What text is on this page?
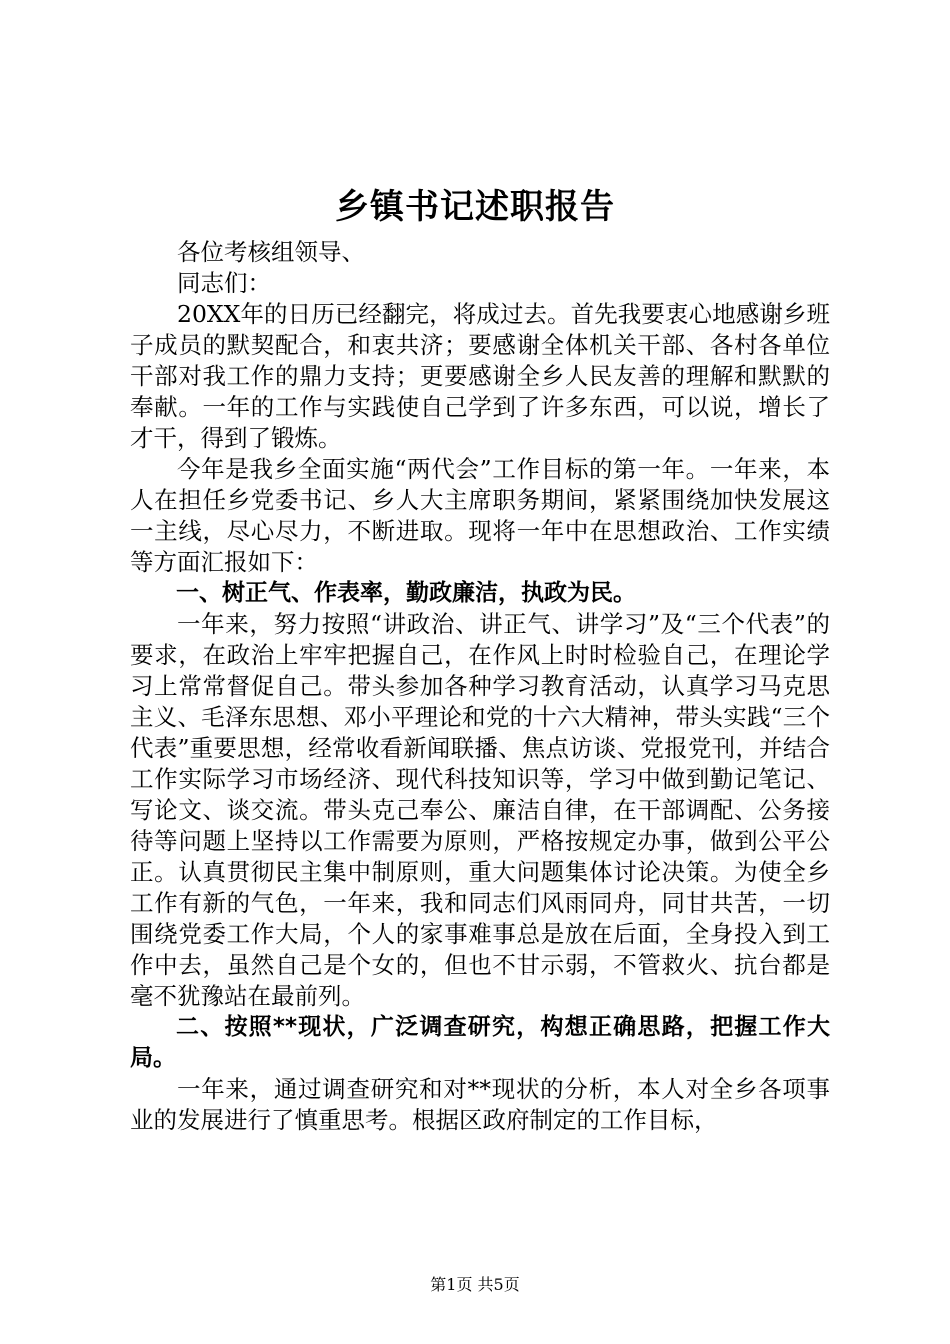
乡镇书记述职报告

各位考核组领导、

同志们：

20XX年的日历已经翻完，将成过去。首先我要衷心地感谢乡班子成员的默契配合，和衷共济；要感谢全体机关干部、各村各单位干部对我工作的鼎力支持；更要感谢全乡人民友善的理解和默默的奉献。一年的工作与实践使自己学到了许多东西，可以说，增长了才干，得到了锻炼。

今年是我乡全面实施“两代会”工作目标的第一年。一年来，本人在担任乡党委书记、乡人大主席职务期间，紧紧围绕加快发展这一主线，尽心尽力，不断进取。现将一年中在思想政治、工作实绩等方面汇报如下：

一、树正气、作表率，勤政廉洁，执政为民。

一年来，努力按照“讲政治、讲正气、讲学习”及“三个代表”的要求，在政治上牢牢把握自己，在作风上时时检验自己，在理论学习上常常督促自己。带头参加各种学习教育活动，认真学习马克思主义、毛泽东思想、邓小平理论和党的十六大精神，带头实践“三个代表”重要思想，经常收看新闻联播、焦点访谈、党报党刊，并结合工作实际学习市场经济、现代科技知识等，学习中做到勤记笔记、写论文、谈交流。带头克己奉公、廉洁自律，在干部调配、公务接待等问题上坚持以工作需要为原则，严格按规定办事，做到公平公正。认真贯彻民主集中制原则，重大问题集体讨论决策。为使全乡工作有新的气色，一年来，我和同志们风雨同舟，同甘共苦，一切围绕党委工作大局，个人的家事难事总是放在后面，全身投入到工作中去，虽然自己是个女的，但也不甘示弱，不管救火、抗台都是毫不犹豫站在最前列。

二、按照**现状，广泛调查研究，构想正确思路，把握工作大局。

一年来，通过调查研究和对**现状的分析，本人对全乡各项事业的发展进行了慎重思考。根据区政府制定的工作目标，

第1页 共5页
